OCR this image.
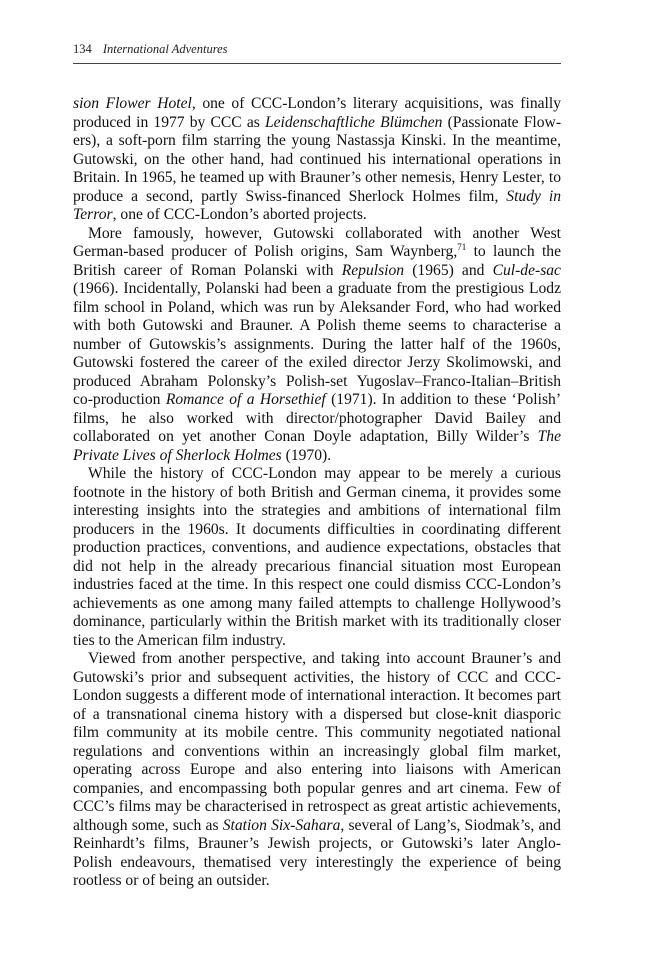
134 International Adventures

sion Flower Hotel, one of CCC-London’s literary acquisitions, was finally produced in 1977 by CCC as Leidenschaftliche Blümchen (Passionate Flowers), a soft-porn film starring the young Nastassja Kinski. In the meantime, Gutowski, on the other hand, had continued his international operations in Britain. In 1965, he teamed up with Brauner’s other nemesis, Henry Lester, to produce a second, partly Swiss-financed Sherlock Holmes film, Study in Terror, one of CCC-London’s aborted projects.

More famously, however, Gutowski collaborated with another West German-based producer of Polish origins, Sam Waynberg,$^{71}$ to launch the British career of Roman Polanski with Repulsion (1965) and Cul-de-sac (1966). Incidentally, Polanski had been a graduate from the prestigious Lodz film school in Poland, which was run by Aleksander Ford, who had worked with both Gutowski and Brauner. A Polish theme seems to characterise a number of Gutowskis’s assignments. During the latter half of the 1960s, Gutowski fostered the career of the exiled director Jerzy Skolimowski, and produced Abraham Polonsky’s Polish-set Yugoslav–Franco-Italian–British co-production Romance of a Horsethief (1971). In addition to these ‘Polish’ films, he also worked with director/photographer David Bailey and collaborated on yet another Conan Doyle adaptation, Billy Wilder’s The Private Lives of Sherlock Holmes (1970).

While the history of CCC-London may appear to be merely a curious footnote in the history of both British and German cinema, it provides some interesting insights into the strategies and ambitions of international film producers in the 1960s. It documents difficulties in coordinating different production practices, conventions, and audience expectations, obstacles that did not help in the already precarious financial situation most European industries faced at the time. In this respect one could dismiss CCC-London’s achievements as one among many failed attempts to challenge Hollywood’s dominance, particularly within the British market with its traditionally closer ties to the American film industry.

Viewed from another perspective, and taking into account Brauner’s and Gutowski’s prior and subsequent activities, the history of CCC and CCC-London suggests a different mode of international interaction. It becomes part of a transnational cinema history with a dispersed but close-knit diasporic film community at its mobile centre. This community negotiated national regulations and conventions within an increasingly global film market, operating across Europe and also entering into liaisons with American companies, and encompassing both popular genres and art cinema. Few of CCC’s films may be characterised in retrospect as great artistic achievements, although some, such as Station Six-Sahara, several of Lang’s, Siodmak’s, and Reinhardt’s films, Brauner’s Jewish projects, or Gutowski’s later Anglo-Polish endeavours, thematised very interestingly the experience of being rootless or of being an outsider.
